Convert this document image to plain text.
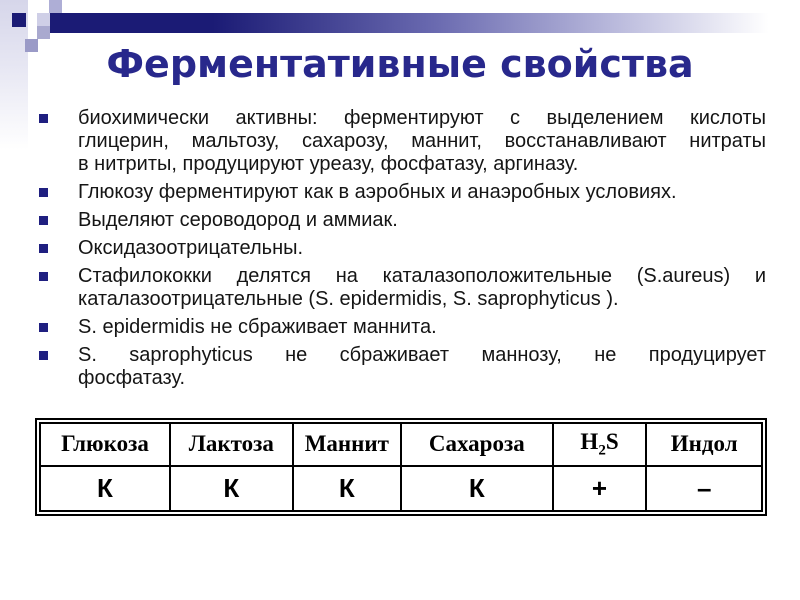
Ферментативные свойства
биохимически активны: ферментируют с выделением кислоты
глицерин, мальтозу, сахарозу, маннит, восстанавливают нитраты
в нитриты, продуцируют уреазу, фосфатазу, аргиназу.
Глюкозу ферментируют как в аэробных и анаэробных условиях.
Выделяют сероводород и аммиак.
Оксидазоотрицательны.
Стафилококки делятся на каталазоположительные (S.aureus) и
каталазоотрицательные (S. epidermidis, S. saprophyticus ).
S. epidermidis не сбраживает маннита.
S. saprophyticus не сбраживает маннозу, не продуцирует
фосфатазу.
Глюкоза	Лактоза	Маннит	Сахароза	$H_2S$	Индол
К	К	К	К	+	–
